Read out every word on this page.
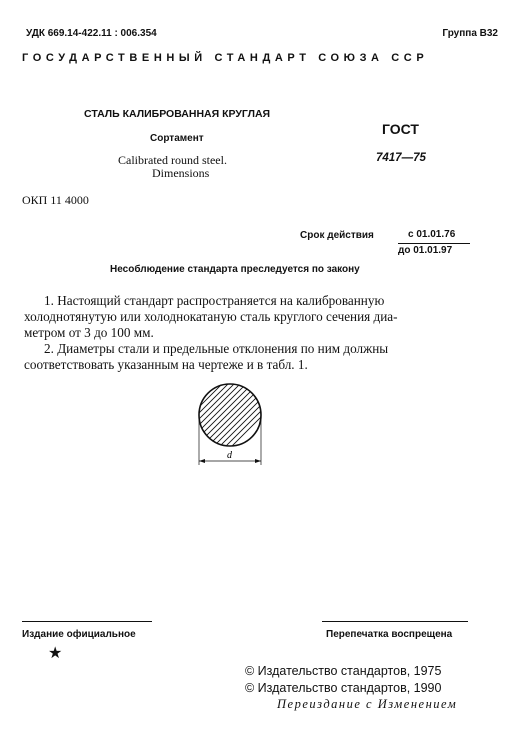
УДК 669.14-422.11 : 006.354	Группа В32
ГОСУДАРСТВЕННЫЙ СТАНДАРТ СОЮЗА ССР
СТАЛЬ КАЛИБРОВАННАЯ КРУГЛАЯ
Сортамент
Calibrated round steel.
Dimensions
ГОСТ
7417—75
ОКП 11 4000
Срок действия	с 01.01.76
до 01.01.97
Несоблюдение стандарта преследуется по закону
1. Настоящий стандарт распространяется на калиброванную
холоднотянутую или холоднокатаную сталь круглого сечения диа-
метром от 3 до 100 мм.
2. Диаметры стали и предельные отклонения по ним должны
соответствовать указанным на чертеже и в табл. 1.
d
Издание официальное	Перепечатка воспрещена
★
© Издательство стандартов, 1975
© Издательство стандартов, 1990
Переиздание с Изменением
